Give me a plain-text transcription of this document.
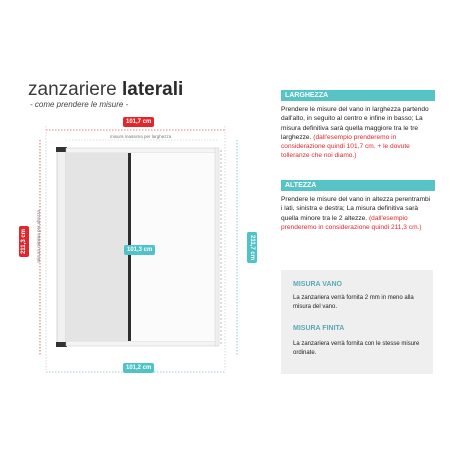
zanzariere laterali
- come prendere le misure -
101,7 cm
misura massima per larghezza
211,3 cm	misura minima per altezza	101,3 cm	211,7 cm
101,2 cm
LARGHEZZA
Prendere le misure del vano in larghezza partendo dall'alto, in seguito al centro e infine in basso; La misura definitiva sarà quella maggiore tra le tre larghezze. (dall'esempio prenderemo in considerazione quindi 101,7 cm. + le dovute tolleranze che noi diamo.)
ALTEZZA
Prendere le misure del vano in altezza perentrambi i lati, sinistra e destra; La misura definitiva sarà quella minore tra le 2 altezze. (dall'esempio prenderemo in considerazione quindi 211,3 cm.)
MISURA VANO
La zanzariera verrà fornita 2 mm in meno alla misura del vano.
MISURA FINITA
La zanzariera verrà fornita con le stesse misure ordinate.
